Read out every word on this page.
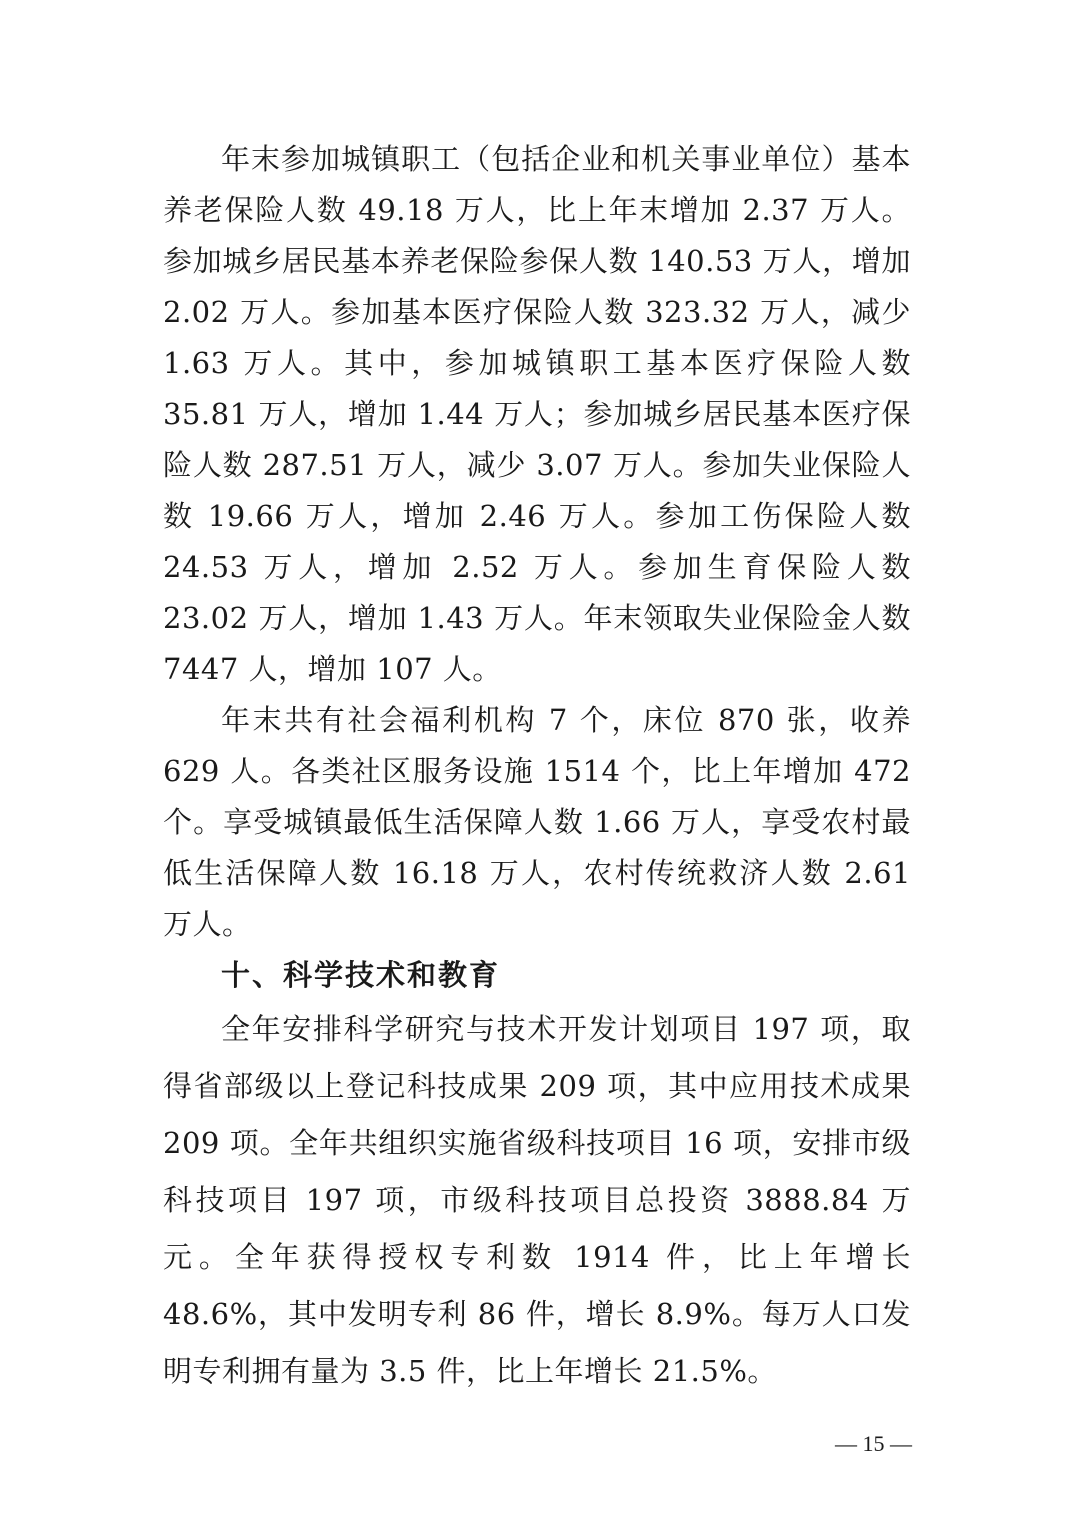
年末参加城镇职工（包括企业和机关事业单位）基本养老保险人数 49.18 万人，比上年末增加 2.37 万人。参加城乡居民基本养老保险参保人数 140.53 万人，增加 2.02 万人。参加基本医疗保险人数 323.32 万人，减少 1.63 万人。其中，参加城镇职工基本医疗保险人数 35.81 万人，增加 1.44 万人；参加城乡居民基本医疗保险人数 287.51 万人，减少 3.07 万人。参加失业保险人数 19.66 万人，增加 2.46 万人。参加工伤保险人数 24.53 万人，增加 2.52 万人。参加生育保险人数 23.02 万人，增加 1.43 万人。年末领取失业保险金人数 7447 人，增加 107 人。

年末共有社会福利机构 7 个，床位 870 张，收养 629 人。各类社区服务设施 1514 个，比上年增加 472 个。享受城镇最低生活保障人数 1.66 万人，享受农村最低生活保障人数 16.18 万人，农村传统救济人数 2.61 万人。

十、科学技术和教育

全年安排科学研究与技术开发计划项目 197 项，取得省部级以上登记科技成果 209 项，其中应用技术成果 209 项。全年共组织实施省级科技项目 16 项，安排市级科技项目 197 项，市级科技项目总投资 3888.84 万元。全年获得授权专利数 1914 件，比上年增长 48.6%，其中发明专利 86 件，增长 8.9%。每万人口发明专利拥有量为 3.5 件，比上年增长 21.5%。

— 15 —
